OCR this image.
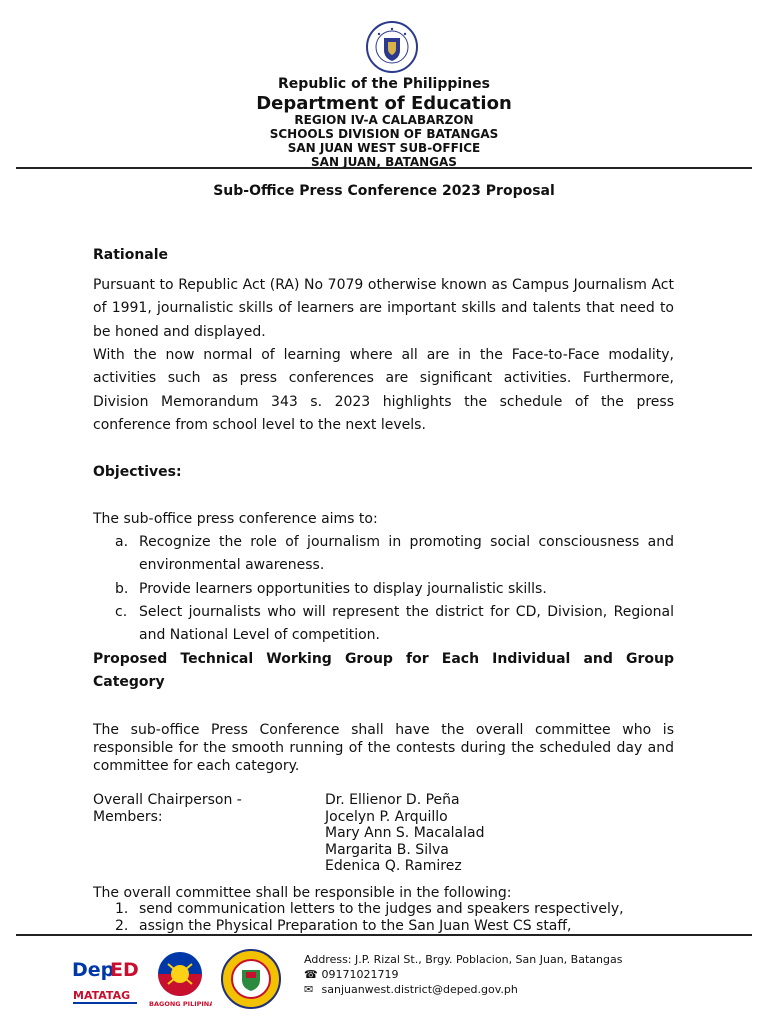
Republic of the Philippines
Department of Education
REGION IV-A CALABARZON
SCHOOLS DIVISION OF BATANGAS
SAN JUAN WEST SUB-OFFICE
SAN JUAN, BATANGAS
Sub-Office Press Conference 2023 Proposal
Rationale
Pursuant to Republic Act (RA) No 7079 otherwise known as Campus Journalism Act of 1991, journalistic skills of learners are important skills and talents that need to be honed and displayed.
With the now normal of learning where all are in the Face-to-Face modality, activities such as press conferences are significant activities. Furthermore, Division Memorandum 343 s. 2023 highlights the schedule of the press conference from school level to the next levels.
Objectives:
The sub-office press conference aims to:
a. Recognize the role of journalism in promoting social consciousness and environmental awareness.
b. Provide learners opportunities to display journalistic skills.
c. Select journalists who will represent the district for CD, Division, Regional and National Level of competition.
Proposed Technical Working Group for Each Individual and Group Category
The sub-office Press Conference shall have the overall committee who is responsible for the smooth running of the contests during the scheduled day and committee for each category.
Overall Chairperson -	Dr. Ellienor D. Peña
Members:	Jocelyn P. Arquillo
Mary Ann S. Macalalad
Margarita B. Silva
Edenica Q. Ramirez
The overall committee shall be responsible in the following:
1. send communication letters to the judges and speakers respectively,
2. assign the Physical Preparation to the San Juan West CS staff,
Dep
ED
MATATAG
BAGONG PILIPINAS
Address: J.P. Rizal St., Brgy. Poblacion, San Juan, Batangas
☎ 09171021719
✉ sanjuanwest.district@deped.gov.ph
